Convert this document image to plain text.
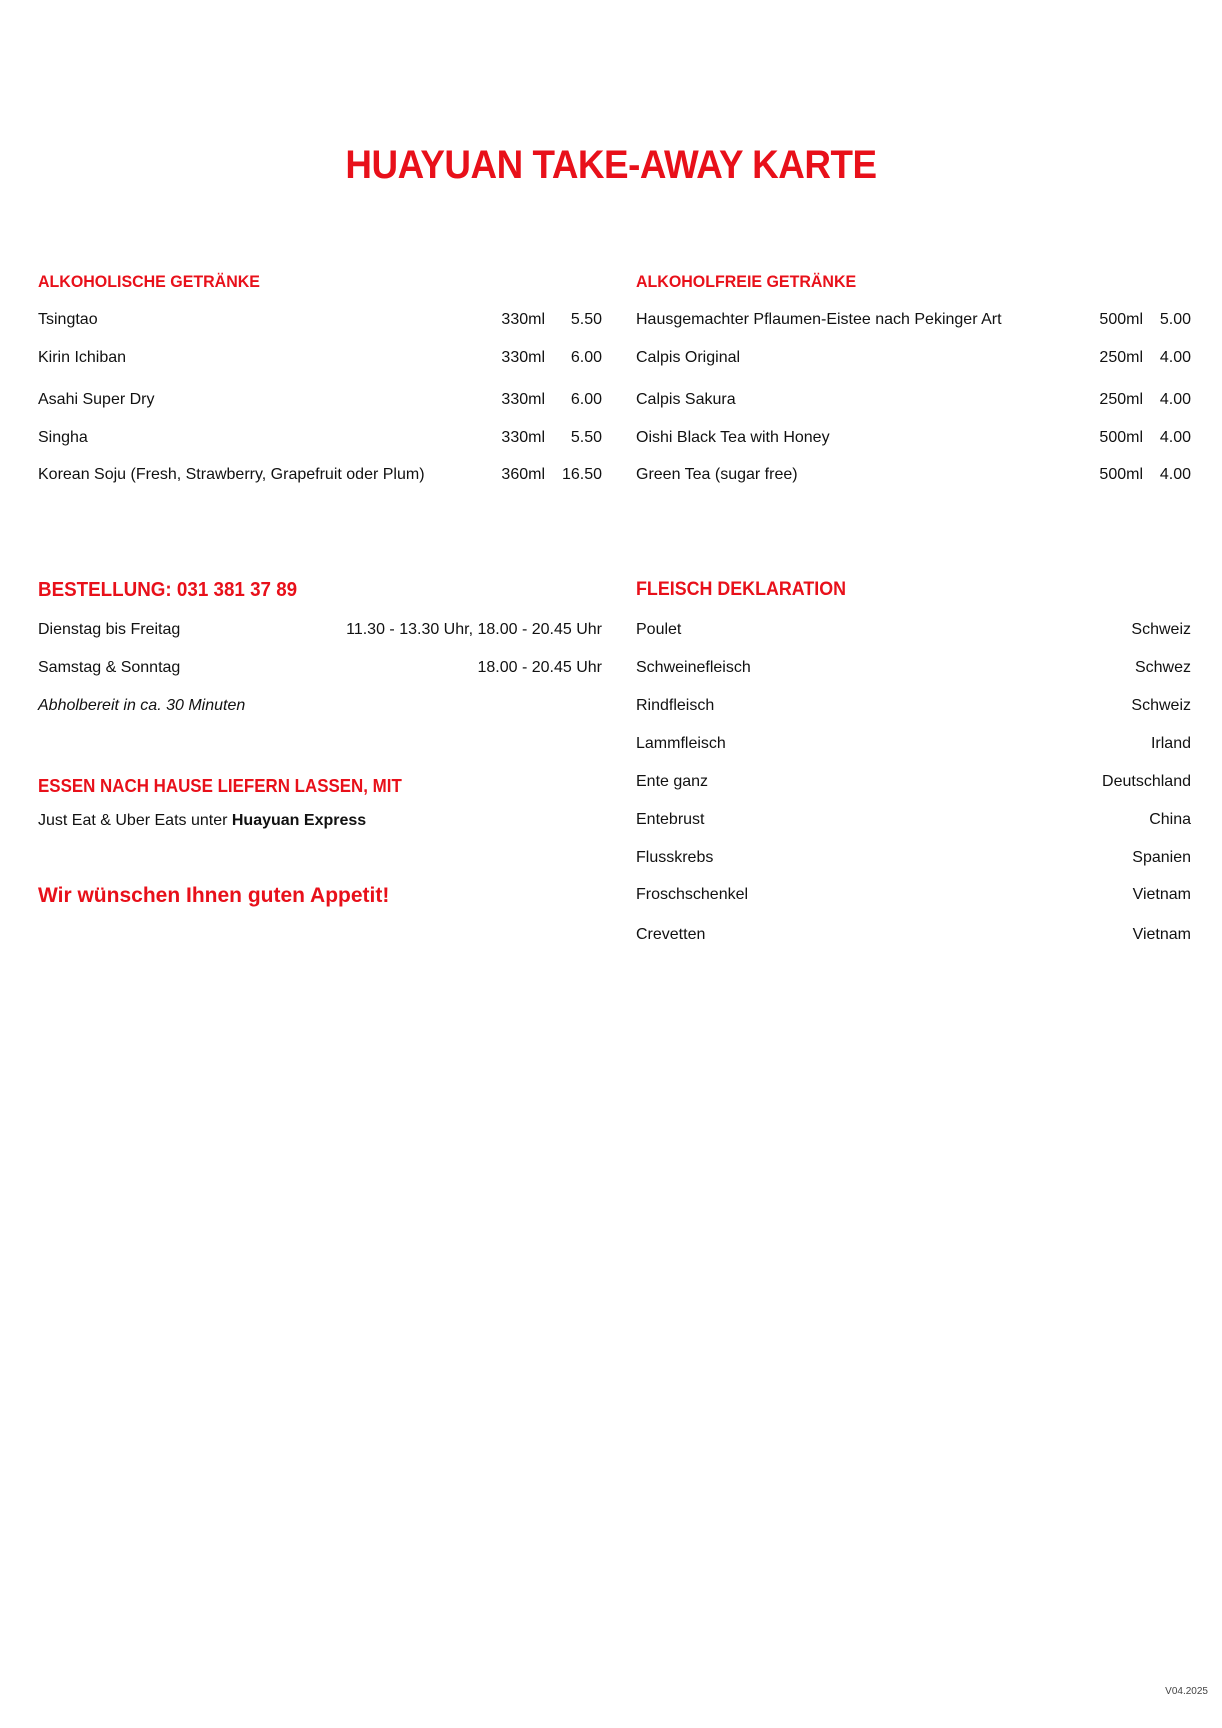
HUAYUAN TAKE-AWAY KARTE
ALKOHOLISCHE GETRÄNKE
Tsingtao	330ml	5.50
Kirin Ichiban	330ml	6.00
Asahi Super Dry	330ml	6.00
Singha	330ml	5.50
Korean Soju (Fresh, Strawberry, Grapefruit oder Plum)	360ml	16.50
ALKOHOLFREIE GETRÄNKE
Hausgemachter Pflaumen-Eistee nach Pekinger Art	500ml	5.00
Calpis Original	250ml	4.00
Calpis Sakura	250ml	4.00
Oishi Black Tea with Honey	500ml	4.00
Green Tea (sugar free)	500ml	4.00
BESTELLUNG: 031 381 37 89
Dienstag bis Freitag	11.30 - 13.30 Uhr, 18.00 - 20.45 Uhr
Samstag & Sonntag	18.00 - 20.45 Uhr
Abholbereit in ca. 30 Minuten
ESSEN NACH HAUSE LIEFERN LASSEN, MIT
Just Eat & Uber Eats unter Huayuan Express
Wir wünschen Ihnen guten Appetit!
FLEISCH DEKLARATION
Poulet	Schweiz
Schweinefleisch	Schwez
Rindfleisch	Schweiz
Lammfleisch	Irland
Ente ganz	Deutschland
Entebrust	China
Flusskrebs	Spanien
Froschschenkel	Vietnam
Crevetten	Vietnam
V04.2025
